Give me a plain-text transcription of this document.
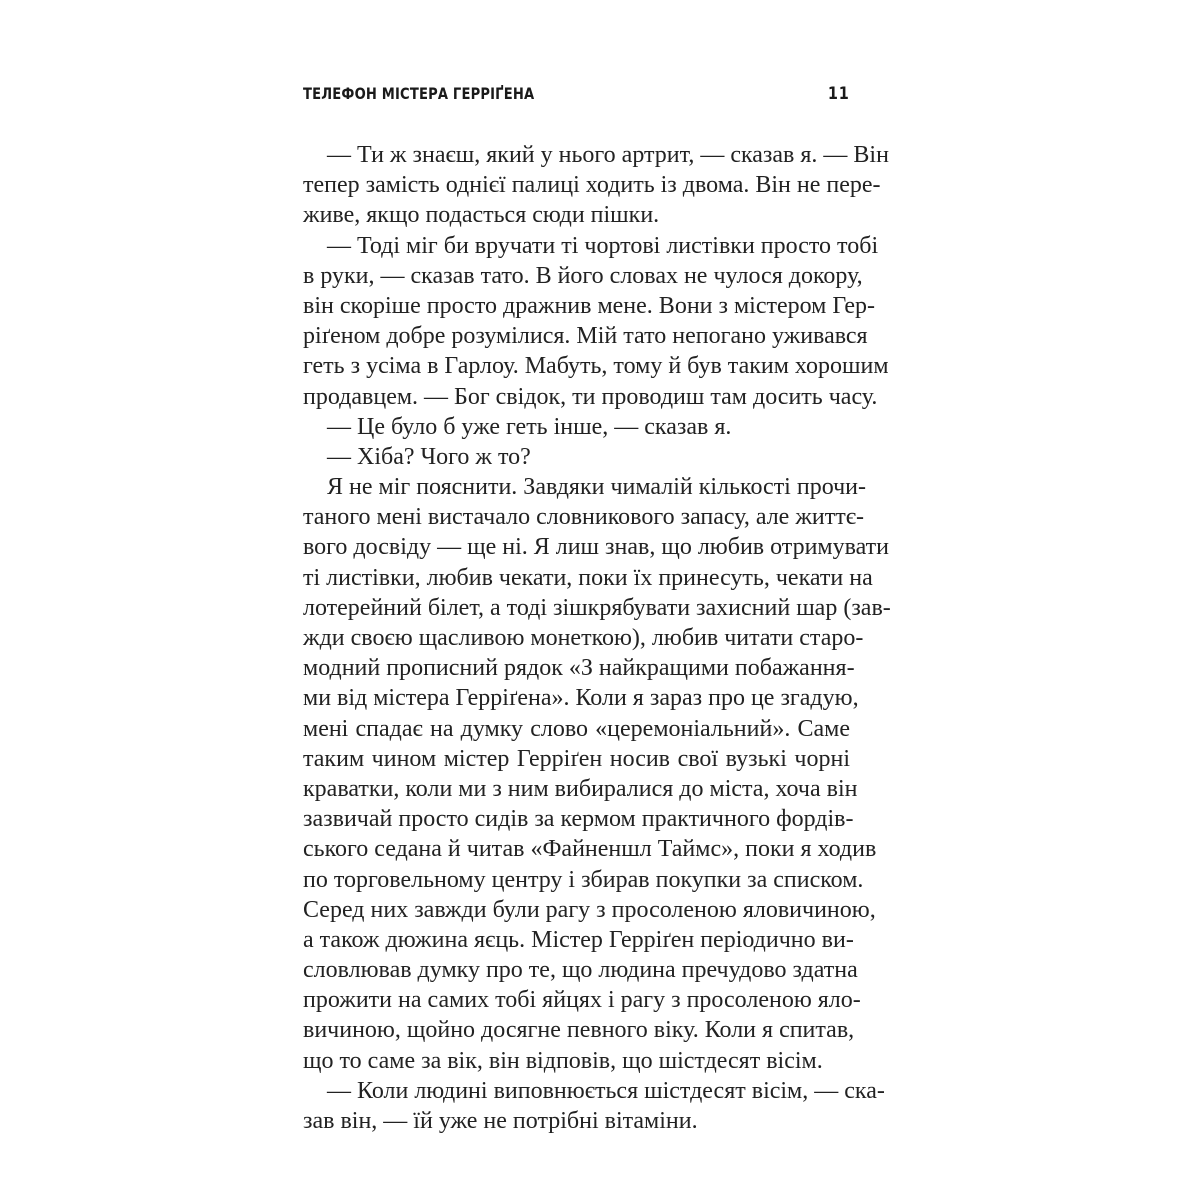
ТЕЛЕФОН МІСТЕРА ГЕРРІҐЕНА	11
— Ти ж знаєш, який у нього артрит, — сказав я. — Він
тепер замість однієї палиці ходить із двома. Він не пере-
живе, якщо подасться сюди пішки.
— Тоді міг би вручати ті чортові листівки просто тобі
в руки, — сказав тато. В його словах не чулося докору,
він скоріше просто дражнив мене. Вони з містером Гер-
ріґеном добре розумілися. Мій тато непогано уживався
геть з усіма в Гарлоу. Мабуть, тому й був таким хорошим
продавцем. — Бог свідок, ти проводиш там досить часу.
— Це було б уже геть інше, — сказав я.
— Хіба? Чого ж то?
Я не міг пояснити. Завдяки чималій кількості прочи-
таного мені вистачало словникового запасу, але життє-
вого досвіду — ще ні. Я лиш знав, що любив отримувати
ті листівки, любив чекати, поки їх принесуть, чекати на
лотерейний білет, а тоді зішкрябувати захисний шар (зав-
жди своєю щасливою монеткою), любив читати старо-
модний прописний рядок «З найкращими побажання-
ми від містера Герріґена». Коли я зараз про це згадую,
мені спадає на думку слово «церемоніальний». Саме
таким чином містер Герріґен носив свої вузькі чорні
краватки, коли ми з ним вибиралися до міста, хоча він
зазвичай просто сидів за кермом практичного фордів-
ського седана й читав «Файненшл Таймс», поки я ходив
по торговельному центру і збирав покупки за списком.
Серед них завжди були рагу з просоленою яловичиною,
а також дюжина яєць. Містер Герріґен періодично ви-
словлював думку про те, що людина пречудово здатна
прожити на самих тобі яйцях і рагу з просоленою яло-
вичиною, щойно досягне певного віку. Коли я спитав,
що то саме за вік, він відповів, що шістдесят вісім.
— Коли людині виповнюється шістдесят вісім, — ска-
зав він, — їй уже не потрібні вітаміни.
